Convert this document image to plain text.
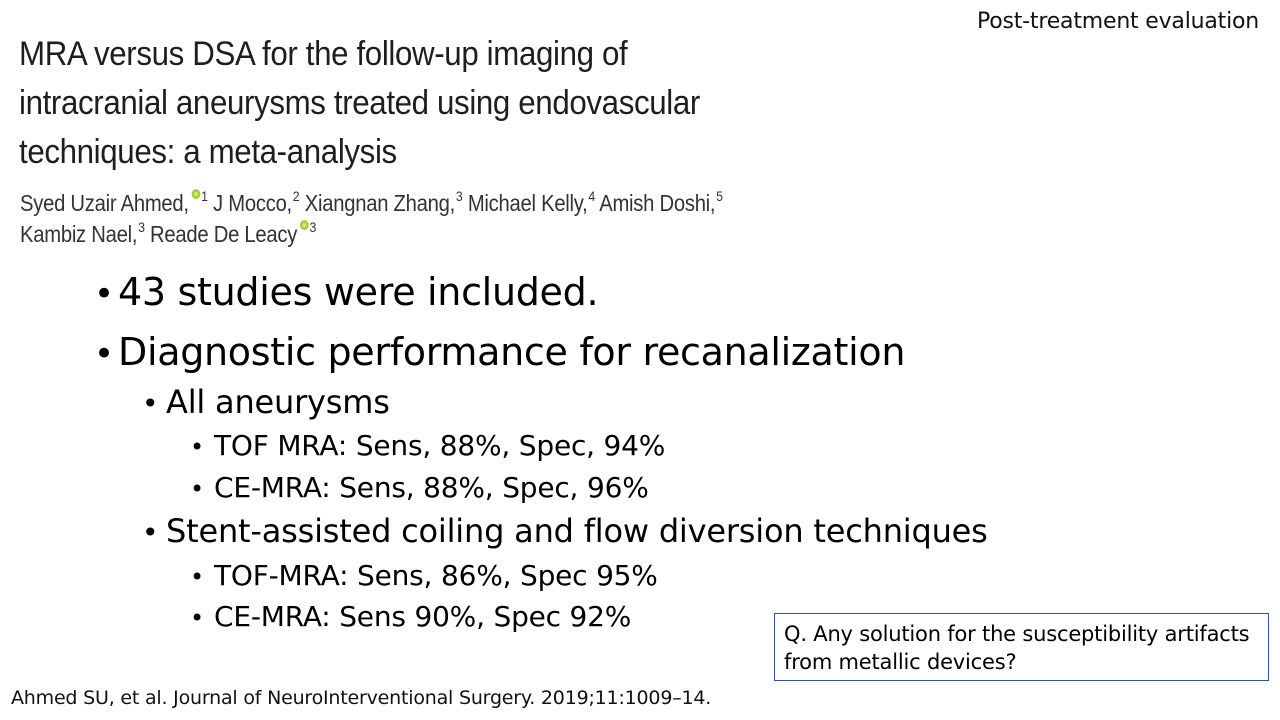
Post-treatment evaluation
MRA versus DSA for the follow-up imaging of
intracranial aneurysms treated using endovascular
techniques: a meta-analysis
Syed Uzair Ahmed, $^1$ J Mocco,$^2$ Xiangnan Zhang,$^3$ Michael Kelly,$^4$ Amish Doshi,$^5$
Kambiz Nael,$^3$ Reade De Leacy $^3$
• 43 studies were included.
• Diagnostic performance for recanalization
• All aneurysms
• TOF MRA: Sens, 88%, Spec, 94%
• CE-MRA: Sens, 88%, Spec, 96%
• Stent-assisted coiling and flow diversion techniques
• TOF-MRA: Sens, 86%, Spec 95%
• CE-MRA: Sens 90%, Spec 92%
Q. Any solution for the susceptibility artifacts
from metallic devices?
Ahmed SU, et al. Journal of NeuroInterventional Surgery. 2019;11:1009–14.
